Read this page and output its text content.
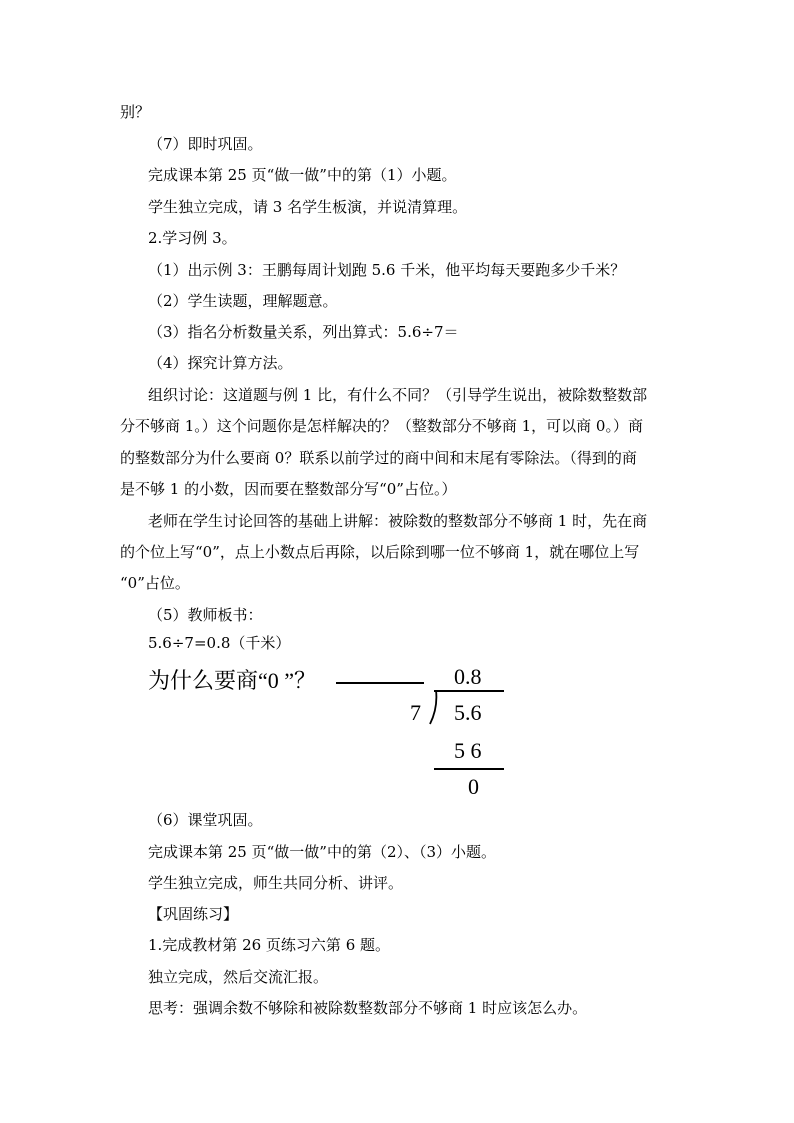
别？
（7）即时巩固。
完成课本第 25 页“做一做”中的第（1）小题。
学生独立完成，请 3 名学生板演，并说清算理。
2.学习例 3。
（1）出示例 3：王鹏每周计划跑 5.6 千米，他平均每天要跑多少千米？
（2）学生读题，理解题意。
（3）指名分析数量关系，列出算式：5.6÷7＝
（4）探究计算方法。
组织讨论：这道题与例 1 比，有什么不同？（引导学生说出，被除数整数部
分不够商 1。）这个问题你是怎样解决的？（整数部分不够商 1，可以商 0。）商
的整数部分为什么要商 0？联系以前学过的商中间和末尾有零除法。（得到的商
是不够 1 的小数，因而要在整数部分写“0”占位。）
老师在学生讨论回答的基础上讲解：被除数的整数部分不够商 1 时，先在商
的个位上写“0”，点上小数点后再除，以后除到哪一位不够商 1，就在哪位上写
“0”占位。
（5）教师板书：
5.6÷7=0.8（千米）
为什么要商“0 ”？	0.8
7 5.6
5 6
0
（6）课堂巩固。
完成课本第 25 页“做一做”中的第（2）、（3）小题。
学生独立完成，师生共同分析、讲评。
【巩固练习】
1.完成教材第 26 页练习六第 6 题。
独立完成，然后交流汇报。
思考：强调余数不够除和被除数整数部分不够商 1 时应该怎么办。
